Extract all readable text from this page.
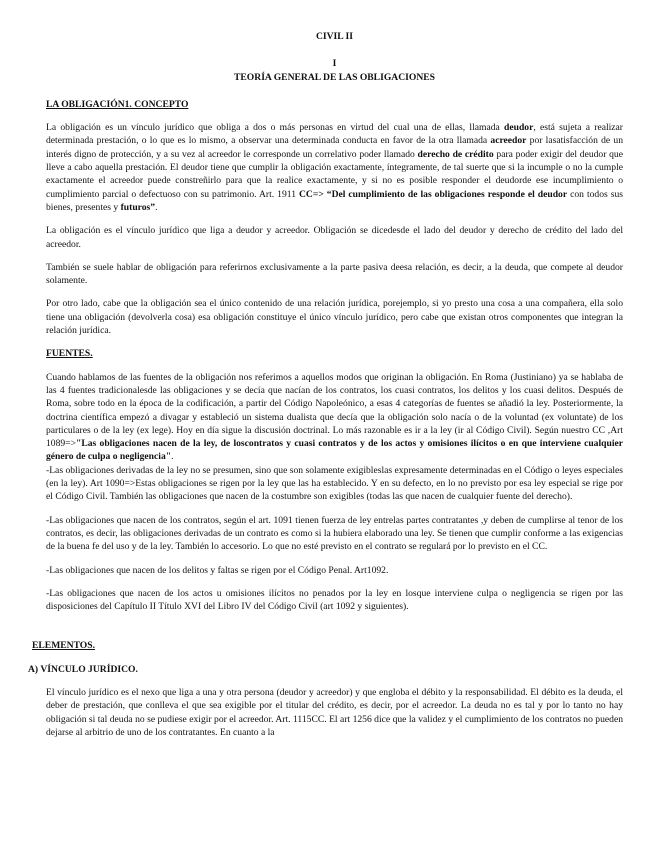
CIVIL II
I
TEORÍA GENERAL DE LAS OBLIGACIONES
LA OBLIGACIÓN1. CONCEPTO

La obligación es un vínculo jurídico que obliga a dos o más personas en virtud del cual una de ellas, llamada deudor, está sujeta a realizar determinada prestación, o lo que es lo mismo, a observar una determinada conducta en favor de la otra llamada acreedor por lasatisfacción de un interés digno de protección, y a su vez al acreedor le corresponde un correlativo poder llamado derecho de crédito para poder exigir del deudor que lleve a cabo aquella prestación. El deudor tiene que cumplir la obligación exactamente, íntegramente, de tal suerte que si la incumple o no la cumple exactamente el acreedor puede constreñirlo para que la realice exactamente, y si no es posible responder el deudorde ese incumplimiento o cumplimiento parcial o defectuoso con su patrimonio. Art. 1911 CC=> “Del cumplimiento de las obligaciones responde el deudor con todos sus bienes, presentes y futuros”.

La obligación es el vínculo jurídico que liga a deudor y acreedor. Obligación se dicedesde el lado del deudor y derecho de crédito del lado del acreedor.

También se suele hablar de obligación para referirnos exclusivamente a la parte pasiva deesa relación, es decir, a la deuda, que compete al deudor solamente.

Por otro lado, cabe que la obligación sea el único contenido de una relación jurídica, porejemplo, si yo presto una cosa a una compañera, ella solo tiene una obligación (devolverla cosa) esa obligación constituye el único vínculo jurídico, pero cabe que existan otros componentes que integran la relación jurídica.

FUENTES.

Cuando hablamos de las fuentes de la obligación nos referimos a aquellos modos que originan la obligación. En Roma (Justiniano) ya se hablaba de las 4 fuentes tradicionalesde las obligaciones y se decía que nacían de los contratos, los cuasi contratos, los delitos y los cuasi delitos. Después de Roma, sobre todo en la época de la codificación, a partir del Código Napoleónico, a esas 4 categorías de fuentes se añadió la ley. Posteriormente, la doctrina científica empezó a divagar y estableció un sistema dualista que decía que la obligación solo nacía o de la voluntad (ex voluntate) de los particulares o de la ley (ex lege). Hoy en día sigue la discusión doctrinal. Lo más razonable es ir a la ley (ir al Código Civil). Según nuestro CC ,Art 1089=>"Las obligaciones nacen de la ley, de loscontratos y cuasi contratos y de los actos y omisiones ilícitos o en que interviene cualquier género de culpa o negligencia".

-Las obligaciones derivadas de la ley no se presumen, sino que son solamente exigibleslas expresamente determinadas en el Código o leyes especiales (en la ley). Art 1090=>Estas obligaciones se rigen por la ley que las ha establecido. Y en su defecto, en lo no previsto por esa ley especial se rige por el Código Civil. También las obligaciones que nacen de la costumbre son exigibles (todas las que nacen de cualquier fuente del derecho).

-Las obligaciones que nacen de los contratos, según el art. 1091 tienen fuerza de ley entrelas partes contratantes ,y deben de cumplirse al tenor de los contratos, es decir, las obligaciones derivadas de un contrato es como si la hubiera elaborado una ley. Se tienen que cumplir conforme a las exigencias de la buena fe del uso y de la ley. También lo accesorio. Lo que no esté previsto en el contrato se regulará por lo previsto en el CC.

-Las obligaciones que nacen de los delitos y faltas se rigen por el Código Penal. Art1092.

-Las obligaciones que nacen de los actos u omisiones ilícitos no penados por la ley en losque interviene culpa o negligencia se rigen por las disposiciones del Capítulo II Título XVI del Libro IV del Código Civil (art 1092 y siguientes).

ELEMENTOS.
A) VÍNCULO JURÍDICO.

El vínculo jurídico es el nexo que liga a una y otra persona (deudor y acreedor) y que engloba el débito y la responsabilidad. El débito es la deuda, el deber de prestación, que conlleva el que sea exigible por el titular del crédito, es decir, por el acreedor. La deuda no es tal y por lo tanto no hay obligación si tal deuda no se pudiese exigir por el acreedor. Art. 1115CC. El art 1256 dice que la validez y el cumplimiento de los contratos no pueden dejarse al arbitrio de uno de los contratantes. En cuanto a la
